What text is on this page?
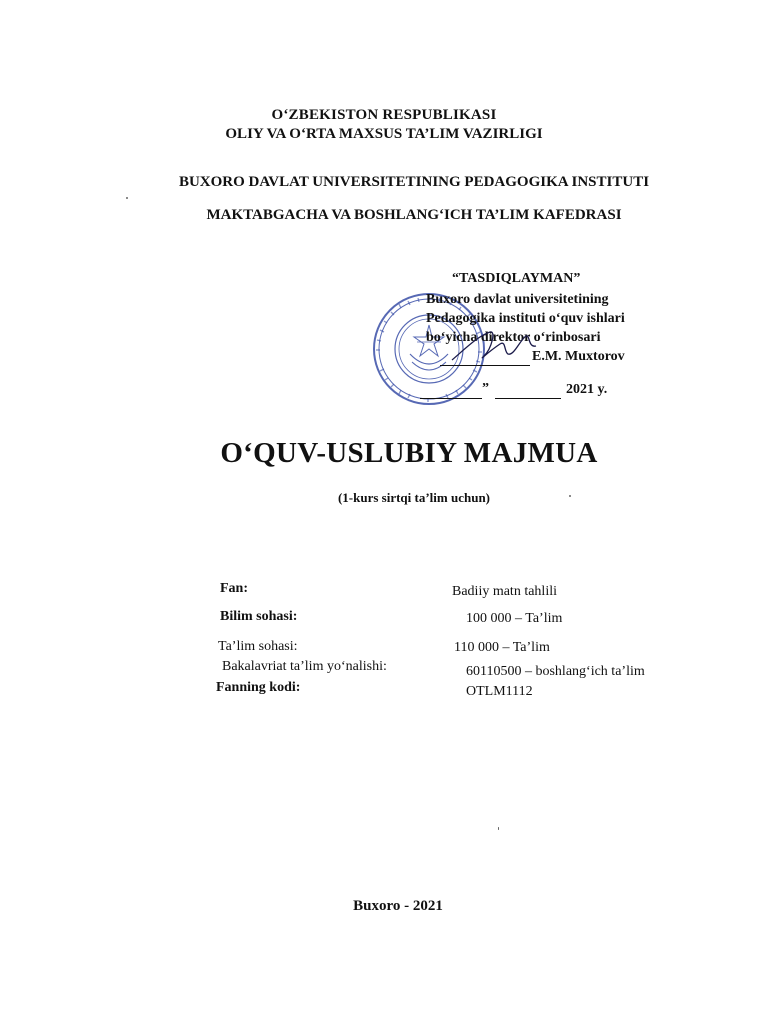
O‘ZBEKISTON RESPUBLIKASI
OLIY VA O‘RTA MAXSUS TA’LIM VAZIRLIGI
BUXORO DAVLAT UNIVERSITETINING PEDAGOGIKA INSTITUTI
MAKTABGACHA VA BOSHLANG‘ICH TA’LIM KAFEDRASI
“TASDIQLAYMAN”
Buxoro davlat universitetining
Pedagogika instituti o‘quv ishlari
bo‘yicha direktor o‘rinbosari
E.M. Muxtorov
”	2021 y.
O‘QUV-USLUBIY MAJMUA
(1-kurs sirtqi ta’lim uchun)
Fan:	Badiiy matn tahlili
Bilim sohasi:	100 000 – Ta’lim
Ta’lim sohasi:	110 000 – Ta’lim
Bakalavriat ta’lim yo‘nalishi:	60110500 – boshlang‘ich ta’lim
Fanning kodi:	OTLM1112
Buxoro - 2021
